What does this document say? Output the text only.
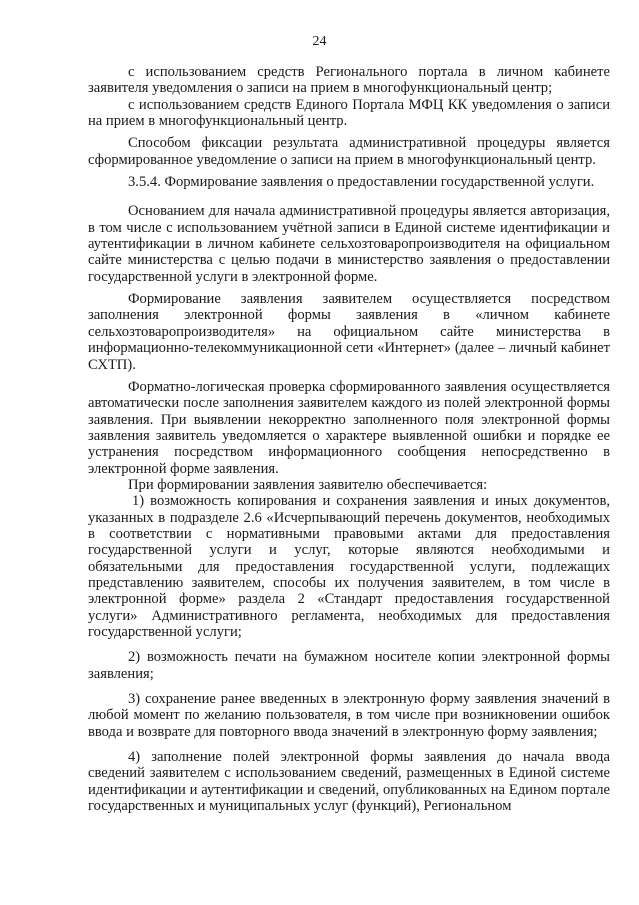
24

с использованием средств Регионального портала в личном кабинете заявителя уведомления о записи на прием в многофункциональный центр;

с использованием средств Единого Портала МФЦ КК уведомления о записи на прием в многофункциональный центр.

Способом фиксации результата административной процедуры является сформированное уведомление о записи на прием в многофункциональный центр.

3.5.4. Формирование заявления о предоставлении государственной услуги.

Основанием для начала административной процедуры является авторизация, в том числе с использованием учётной записи в Единой системе идентификации и аутентификации в личном кабинете сельхозтоваропроизводителя на официальном сайте министерства с целью подачи в министерство заявления о предоставлении государственной услуги в электронной форме.

Формирование заявления заявителем осуществляется посредством заполнения электронной формы заявления в «личном кабинете сельхозтоваропроизводителя» на официальном сайте министерства в информационно-телекоммуникационной сети «Интернет» (далее – личный кабинет СХТП).

Форматно-логическая проверка сформированного заявления осуществляется автоматически после заполнения заявителем каждого из полей электронной формы заявления. При выявлении некорректно заполненного поля электронной формы заявления заявитель уведомляется о характере выявленной ошибки и порядке ее устранения посредством информационного сообщения непосредственно в электронной форме заявления.

При формировании заявления заявителю обеспечивается:

1) возможность копирования и сохранения заявления и иных документов, указанных в подразделе 2.6 «Исчерпывающий перечень документов, необходимых в соответствии с нормативными правовыми актами для предоставления государственной услуги и услуг, которые являются необходимыми и обязательными для предоставления государственной услуги, подлежащих представлению заявителем, способы их получения заявителем, в том числе в электронной форме» раздела 2 «Стандарт предоставления государственной услуги» Административного регламента, необходимых для предоставления государственной услуги;

2) возможность печати на бумажном носителе копии электронной формы заявления;

3) сохранение ранее введенных в электронную форму заявления значений в любой момент по желанию пользователя, в том числе при возникновении ошибок ввода и возврате для повторного ввода значений в электронную форму заявления;

4) заполнение полей электронной формы заявления до начала ввода сведений заявителем с использованием сведений, размещенных в Единой системе идентификации и аутентификации и сведений, опубликованных на Едином портале государственных и муниципальных услуг (функций), Региональном
